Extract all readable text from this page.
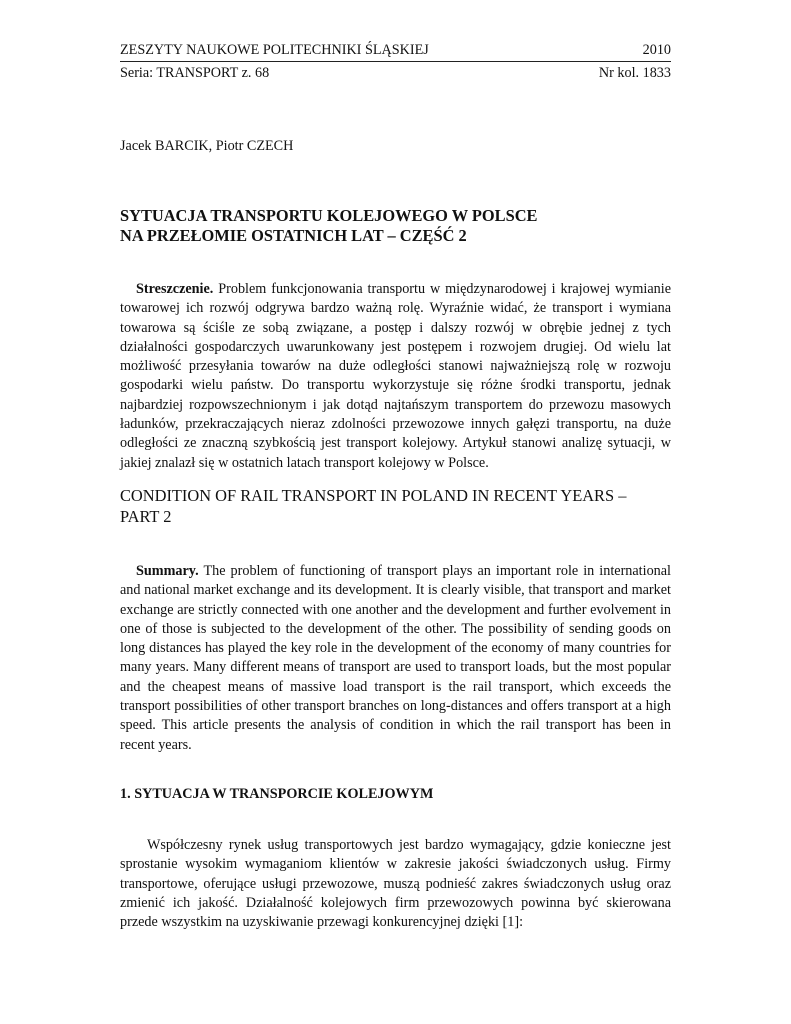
ZESZYTY NAUKOWE POLITECHNIKI ŚLĄSKIEJ	2010
Seria: TRANSPORT z. 68	Nr kol. 1833
Jacek BARCIK, Piotr CZECH
SYTUACJA TRANSPORTU KOLEJOWEGO W POLSCE
NA PRZEŁOMIE OSTATNICH LAT – CZĘŚĆ 2

Streszczenie. Problem funkcjonowania transportu w międzynarodowej i krajowej wymianie towarowej ich rozwój odgrywa bardzo ważną rolę. Wyraźnie widać, że transport i wymiana towarowa są ściśle ze sobą związane, a postęp i dalszy rozwój w obrębie jednej z tych działalności gospodarczych uwarunkowany jest postępem i rozwojem drugiej. Od wielu lat możliwość przesyłania towarów na duże odległości stanowi najważniejszą rolę w rozwoju gospodarki wielu państw. Do transportu wykorzystuje się różne środki transportu, jednak najbardziej rozpowszechnionym i jak dotąd najtańszym transportem do przewozu masowych ładunków, przekraczających nieraz zdolności przewozowe innych gałęzi transportu, na duże odległości ze znaczną szybkością jest transport kolejowy. Artykuł stanowi analizę sytuacji, w jakiej znalazł się w ostatnich latach transport kolejowy w Polsce.

CONDITION OF RAIL TRANSPORT IN POLAND IN RECENT YEARS –
PART 2

Summary. The problem of functioning of transport plays an important role in international and national market exchange and its development. It is clearly visible, that transport and market exchange are strictly connected with one another and the development and further evolvement in one of those is subjected to the development of the other. The possibility of sending goods on long distances has played the key role in the development of the economy of many countries for many years. Many different means of transport are used to transport loads, but the most popular and the cheapest means of massive load transport is the rail transport, which exceeds the transport possibilities of other transport branches on long-distances and offers transport at a high speed. This article presents the analysis of condition in which the rail transport has been in recent years.

1. SYTUACJA W TRANSPORCIE KOLEJOWYM

Współczesny rynek usług transportowych jest bardzo wymagający, gdzie konieczne jest sprostanie wysokim wymaganiom klientów w zakresie jakości świadczonych usług. Firmy transportowe, oferujące usługi przewozowe, muszą podnieść zakres świadczonych usług oraz zmienić ich jakość. Działalność kolejowych firm przewozowych powinna być skierowana przede wszystkim na uzyskiwanie przewagi konkurencyjnej dzięki [1]:
